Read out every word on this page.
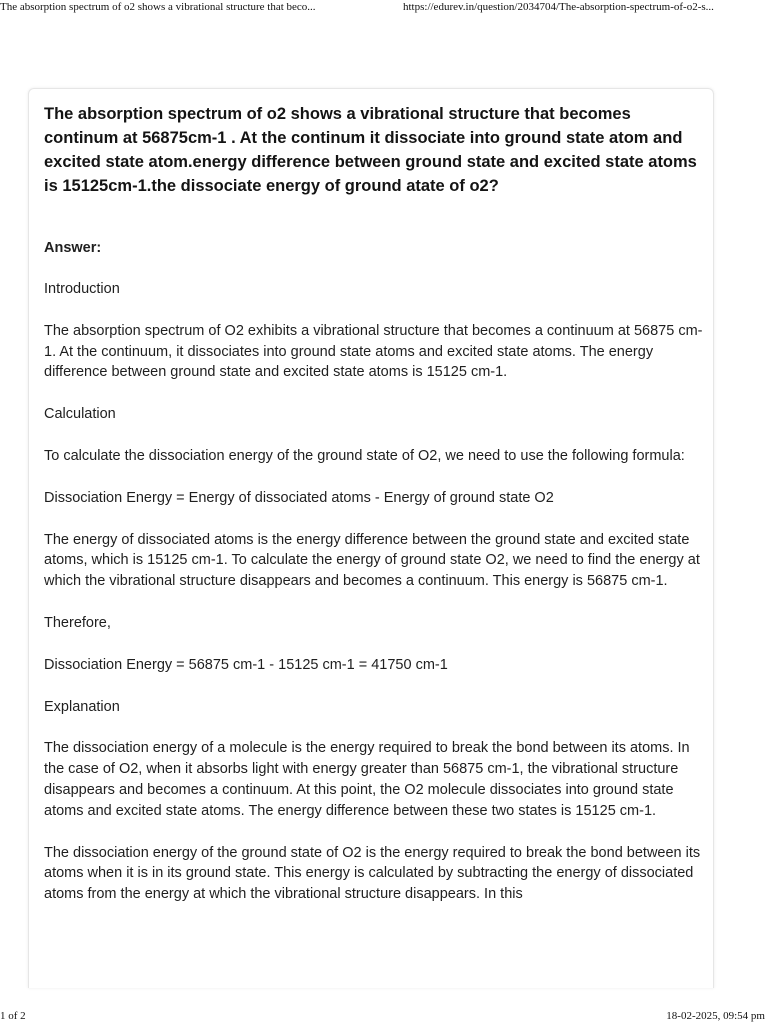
The absorption spectrum of o2 shows a vibrational structure that beco...	https://edurev.in/question/2034704/The-absorption-spectrum-of-o2-s...
The absorption spectrum of o2 shows a vibrational structure that becomes continum at 56875cm-1 . At the continum it dissociate into ground state atom and excited state atom.energy difference between ground state and excited state atoms is 15125cm-1.the dissociate energy of ground atate of o2?
Answer:

Introduction

The absorption spectrum of O2 exhibits a vibrational structure that becomes a continuum at 56875 cm-1. At the continuum, it dissociates into ground state atoms and excited state atoms. The energy difference between ground state and excited state atoms is 15125 cm-1.

Calculation

To calculate the dissociation energy of the ground state of O2, we need to use the following formula:

Dissociation Energy = Energy of dissociated atoms - Energy of ground state O2

The energy of dissociated atoms is the energy difference between the ground state and excited state atoms, which is 15125 cm-1. To calculate the energy of ground state O2, we need to find the energy at which the vibrational structure disappears and becomes a continuum. This energy is 56875 cm-1.

Therefore,

Dissociation Energy = 56875 cm-1 - 15125 cm-1 = 41750 cm-1

Explanation

The dissociation energy of a molecule is the energy required to break the bond between its atoms. In the case of O2, when it absorbs light with energy greater than 56875 cm-1, the vibrational structure disappears and becomes a continuum. At this point, the O2 molecule dissociates into ground state atoms and excited state atoms. The energy difference between these two states is 15125 cm-1.

The dissociation energy of the ground state of O2 is the energy required to break the bond between its atoms when it is in its ground state. This energy is calculated by subtracting the energy of dissociated atoms from the energy at which the vibrational structure disappears. In this

1 of 2	18-02-2025, 09:54 pm
